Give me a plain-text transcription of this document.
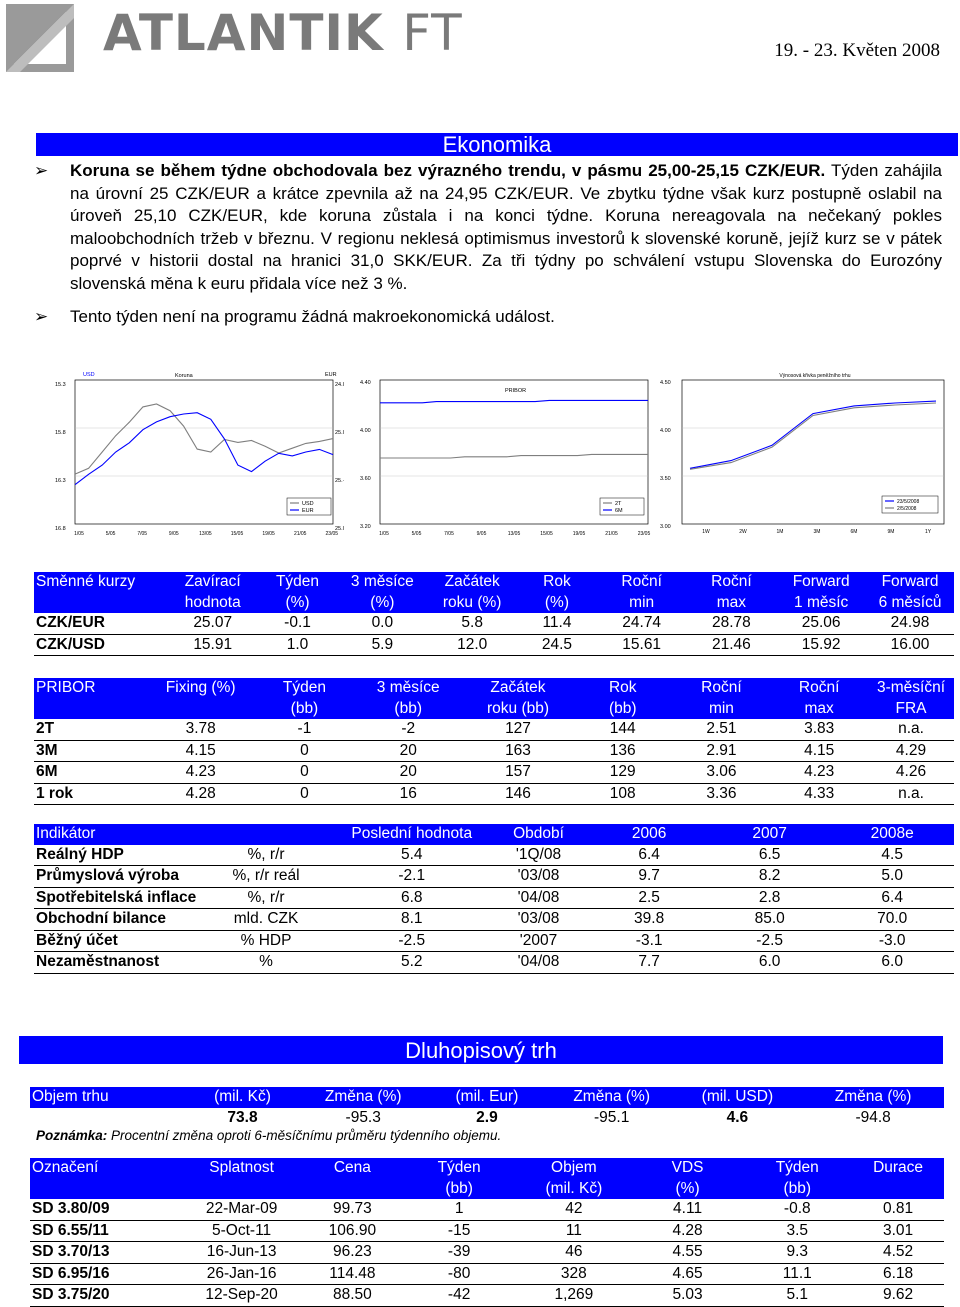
ATLANTIK FT	19. - 23. Květen 2008
Ekonomika
➢ Koruna se během týdne obchodovala bez výrazného trendu, v pásmu 25,00-25,15 CZK/EUR. Týden zahájila na úrovní 25 CZK/EUR a krátce zpevnila až na 24,95 CZK/EUR. Ve zbytku týdne však kurz postupně oslabil na úroveň 25,10 CZK/EUR, kde koruna zůstala i na konci týdne. Koruna nereagovala na nečekaný pokles maloobchodních tržeb v březnu. V regionu neklesá optimismus investorů k slovenské koruně, jejíž kurz se v pátek poprvé v historii dostal na hranici 31,0 SKK/EUR. Za tři týdny po schválení vstupu Slovenska do Eurozóny slovenská měna k euru přidala více než 3 %.
➢ Tento týden není na programu žádná makroekonomická událost.
USD	Koruna	EUR
15.3
15.8
16.3
16.8
24.l
25.l
25.·
25.l
1/05	5/05	7/05	9/05	13/05	15/05	19/05	21/05	23/05
USD
EUR
PRIBOR
4.40
4.00
3.60
3.20
1/05	5/05	7/05	9/05	13/05	15/05	19/05	21/05	23/05
2T
6M
Výnosová křivka peněžního trhu
4.50
4.00
3.50
3.00
1W	2W	1M	3M	6M	9M	1Y
23/5/2008
2/5/2008
Směnné kurzy	Zavírací	Týden	3 měsíce	Začátek	Rok	Roční	Roční	Forward	Forward
	hodnota	(%)	(%)	roku (%)	(%)	min	max	1 měsíc	6 měsíců
CZK/EUR	25.07	-0.1	0.0	5.8	11.4	24.74	28.78	25.06	24.98
CZK/USD	15.91	1.0	5.9	12.0	24.5	15.61	21.46	15.92	16.00
PRIBOR	Fixing (%)	Týden	3 měsíce	Začátek	Rok	Roční	Roční	3-měsíční
		(bb)	(bb)	roku (bb)	(bb)	min	max	FRA
2T	3.78	-1	-2	127	144	2.51	3.83	n.a.
3M	4.15	0	20	163	136	2.91	4.15	4.29
6M	4.23	0	20	157	129	3.06	4.23	4.26
1 rok	4.28	0	16	146	108	3.36	4.33	n.a.
Indikátor		Poslední hodnota	Období	2006	2007	2008e
Reálný HDP	%, r/r	5.4	'1Q/08	6.4	6.5	4.5
Průmyslová výroba	%, r/r reál	-2.1	'03/08	9.7	8.2	5.0
Spotřebitelská inflace	%, r/r	6.8	'04/08	2.5	2.8	6.4
Obchodní bilance	mld. CZK	8.1	'03/08	39.8	85.0	70.0
Běžný účet	% HDP	-2.5	'2007	-3.1	-2.5	-3.0
Nezaměstnanost	%	5.2	'04/08	7.7	6.0	6.0
Dluhopisový trh
Objem trhu	(mil. Kč)	Změna (%)	(mil. Eur)	Změna (%)	(mil. USD)	Změna (%)
	73.8	-95.3	2.9	-95.1	4.6	-94.8
Poznámka: Procentní změna oproti 6-měsíčnímu průměru týdenního objemu.
Označení	Splatnost	Cena	Týden	Objem	VDS	Týden	Durace
			(bb)	(mil. Kč)	(%)	(bb)	
SD 3.80/09	22-Mar-09	99.73	1	42	4.11	-0.8	0.81
SD 6.55/11	5-Oct-11	106.90	-15	11	4.28	3.5	3.01
SD 3.70/13	16-Jun-13	96.23	-39	46	4.55	9.3	4.52
SD 6.95/16	26-Jan-16	114.48	-80	328	4.65	11.1	6.18
SD 3.75/20	12-Sep-20	88.50	-42	1,269	5.03	5.1	9.62
